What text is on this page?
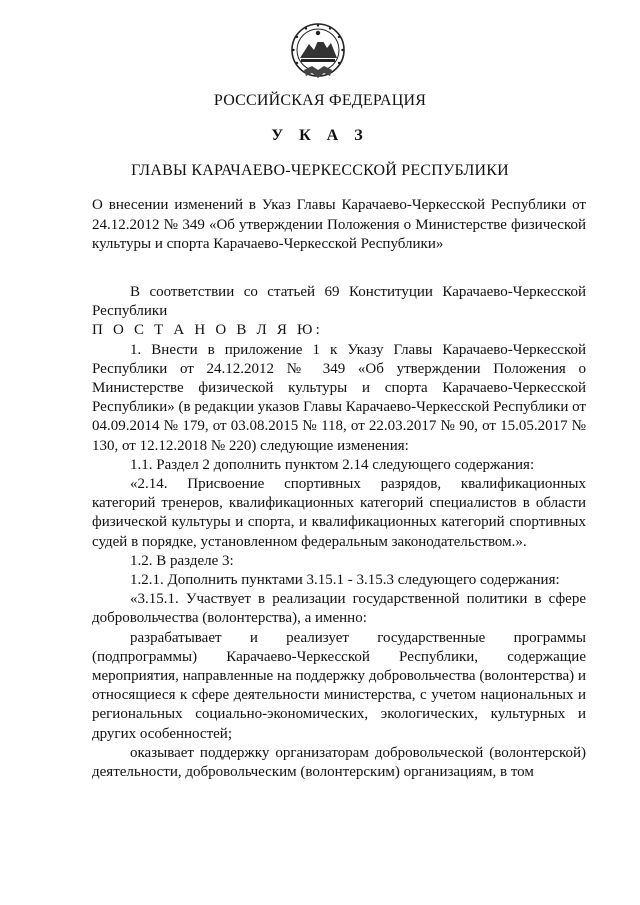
РОССИЙСКАЯ ФЕДЕРАЦИЯ
У К А З
ГЛАВЫ КАРАЧАЕВО-ЧЕРКЕССКОЙ РЕСПУБЛИКИ
О внесении изменений в Указ Главы Карачаево-Черкесской Республики от 24.12.2012 № 349 «Об утверждении Положения о Министерстве физической культуры и спорта Карачаево-Черкесской Республики»

В соответствии со статьей 69 Конституции Карачаево-Черкесской Республики

П О С Т А Н О В Л Я Ю:

1. Внести в приложение 1 к Указу Главы Карачаево-Черкесской Республики от 24.12.2012 № 349 «Об утверждении Положения о Министерстве физической культуры и спорта Карачаево-Черкесской Республики» (в редакции указов Главы Карачаево-Черкесской Республики от 04.09.2014 № 179, от 03.08.2015 № 118, от 22.03.2017 № 90, от 15.05.2017 № 130, от 12.12.2018 № 220) следующие изменения:

1.1. Раздел 2 дополнить пунктом 2.14 следующего содержания:

«2.14. Присвоение спортивных разрядов, квалификационных категорий тренеров, квалификационных категорий специалистов в области физической культуры и спорта, и квалификационных категорий спортивных судей в порядке, установленном федеральным законодательством.».

1.2. В разделе 3:

1.2.1. Дополнить пунктами 3.15.1 - 3.15.3 следующего содержания:

«3.15.1. Участвует в реализации государственной политики в сфере добровольчества (волонтерства), а именно:

разрабатывает и реализует государственные программы (подпрограммы) Карачаево-Черкесской Республики, содержащие мероприятия, направленные на поддержку добровольчества (волонтерства) и относящиеся к сфере деятельности министерства, с учетом национальных и региональных социально-экономических, экологических, культурных и других особенностей;

оказывает поддержку организаторам добровольческой (волонтерской) деятельности, добровольческим (волонтерским) организациям, в том
